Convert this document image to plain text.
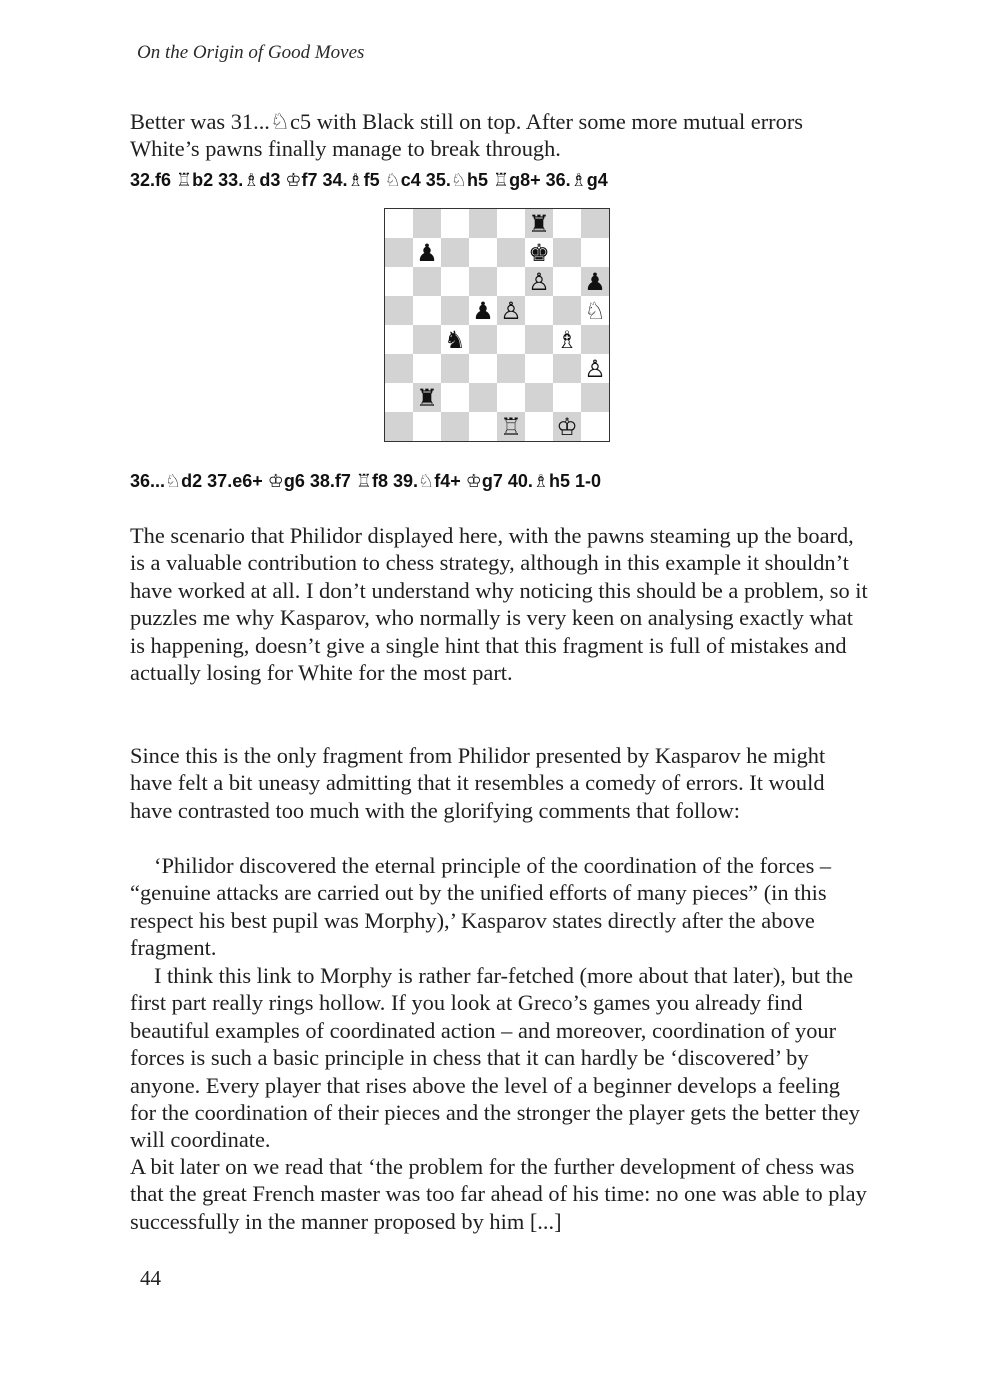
On the Origin of Good Moves

Better was 31...♘c5 with Black still on top. After some more mutual errors White’s pawns finally manage to break through.

32.f6 ♖b2 33.♗d3 ♔f7 34.♗f5 ♘c4 35.♘h5 ♖g8+ 36.♗g4
♜
♟	♚
♙ ♟
♟ ♙	♘
♞	♗
♙
♜
♖ ♔
36...♘d2 37.e6+ ♔g6 38.f7 ♖f8 39.♘f4+ ♔g7 40.♗h5 1-0

The scenario that Philidor displayed here, with the pawns steaming up the board, is a valuable contribution to chess strategy, although in this example it shouldn’t have worked at all. I don’t understand why noticing this should be a problem, so it puzzles me why Kasparov, who normally is very keen on analysing exactly what is happening, doesn’t give a single hint that this fragment is full of mistakes and actually losing for White for the most part.

Since this is the only fragment from Philidor presented by Kasparov he might have felt a bit uneasy admitting that it resembles a comedy of errors. It would have contrasted too much with the glorifying comments that follow:

‘Philidor discovered the eternal principle of the coordination of the forces – “genuine attacks are carried out by the unified efforts of many pieces” (in this respect his best pupil was Morphy),’ Kasparov states directly after the above fragment.

I think this link to Morphy is rather far-fetched (more about that later), but the first part really rings hollow. If you look at Greco’s games you already find beautiful examples of coordinated action – and moreover, coordination of your forces is such a basic principle in chess that it can hardly be ‘discovered’ by anyone. Every player that rises above the level of a beginner develops a feeling for the coordination of their pieces and the stronger the player gets the better they will coordinate.

A bit later on we read that ‘the problem for the further development of chess was that the great French master was too far ahead of his time: no one was able to play successfully in the manner proposed by him [...]

44
